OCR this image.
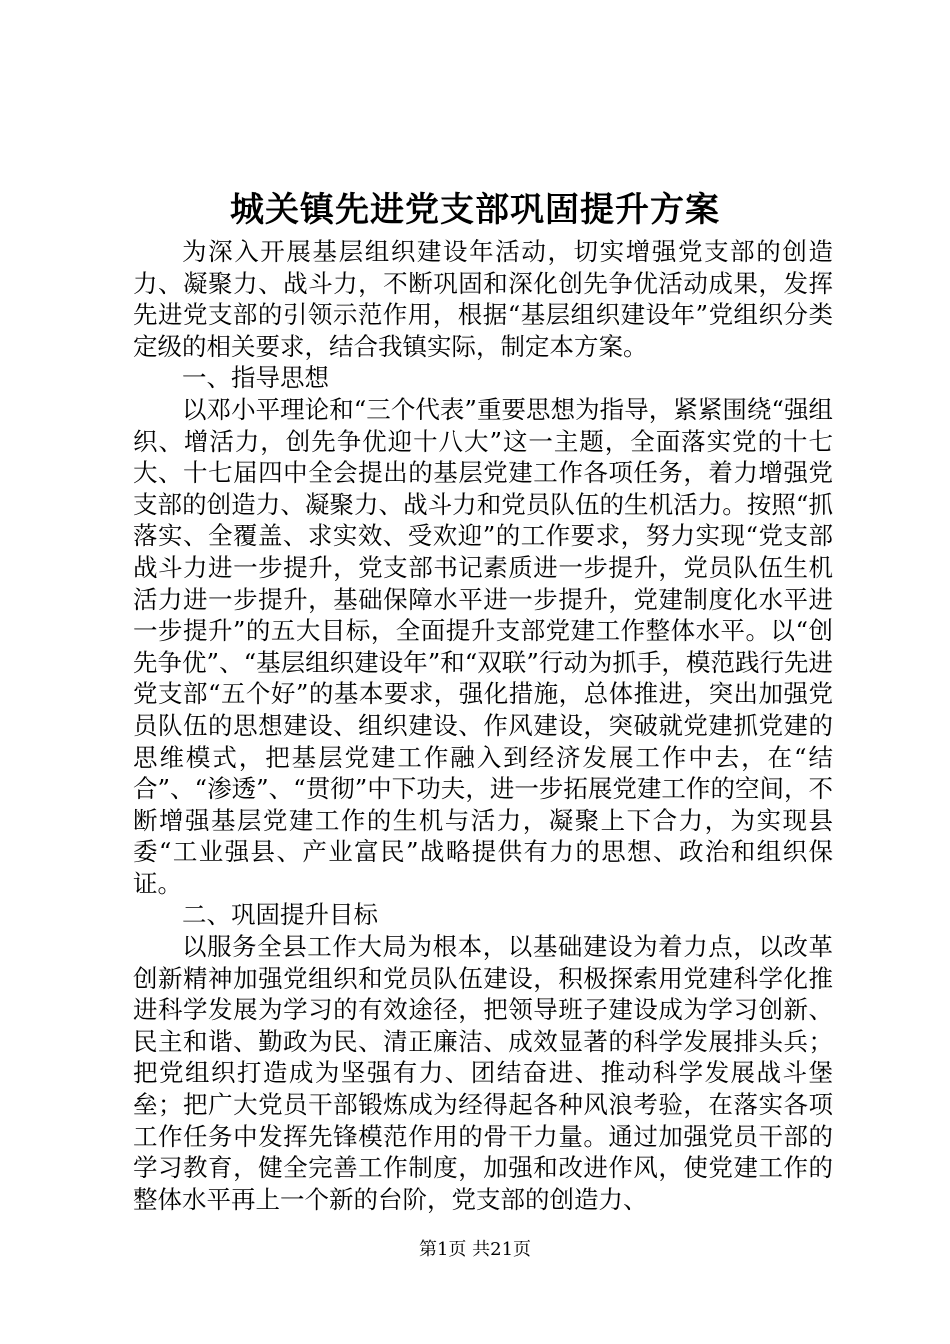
城关镇先进党支部巩固提升方案

为深入开展基层组织建设年活动，切实增强党支部的创造力、凝聚力、战斗力，不断巩固和深化创先争优活动成果，发挥先进党支部的引领示范作用，根据“基层组织建设年”党组织分类定级的相关要求，结合我镇实际，制定本方案。

一、指导思想

以邓小平理论和“三个代表”重要思想为指导，紧紧围绕“强组织、增活力，创先争优迎十八大”这一主题，全面落实党的十七大、十七届四中全会提出的基层党建工作各项任务，着力增强党支部的创造力、凝聚力、战斗力和党员队伍的生机活力。按照“抓落实、全覆盖、求实效、受欢迎”的工作要求，努力实现“党支部战斗力进一步提升，党支部书记素质进一步提升，党员队伍生机活力进一步提升，基础保障水平进一步提升，党建制度化水平进一步提升”的五大目标，全面提升支部党建工作整体水平。以“创先争优”、“基层组织建设年”和“双联”行动为抓手，模范践行先进党支部“五个好”的基本要求，强化措施，总体推进，突出加强党员队伍的思想建设、组织建设、作风建设，突破就党建抓党建的思维模式，把基层党建工作融入到经济发展工作中去，在“结合”、“渗透”、“贯彻”中下功夫，进一步拓展党建工作的空间，不断增强基层党建工作的生机与活力，凝聚上下合力，为实现县委“工业强县、产业富民”战略提供有力的思想、政治和组织保证。

二、巩固提升目标

以服务全县工作大局为根本，以基础建设为着力点，以改革创新精神加强党组织和党员队伍建设，积极探索用党建科学化推进科学发展为学习的有效途径，把领导班子建设成为学习创新、民主和谐、勤政为民、清正廉洁、成效显著的科学发展排头兵；把党组织打造成为坚强有力、团结奋进、推动科学发展战斗堡垒；把广大党员干部锻炼成为经得起各种风浪考验，在落实各项工作任务中发挥先锋模范作用的骨干力量。通过加强党员干部的学习教育，健全完善工作制度，加强和改进作风，使党建工作的整体水平再上一个新的台阶，党支部的创造力、

第1页 共21页
